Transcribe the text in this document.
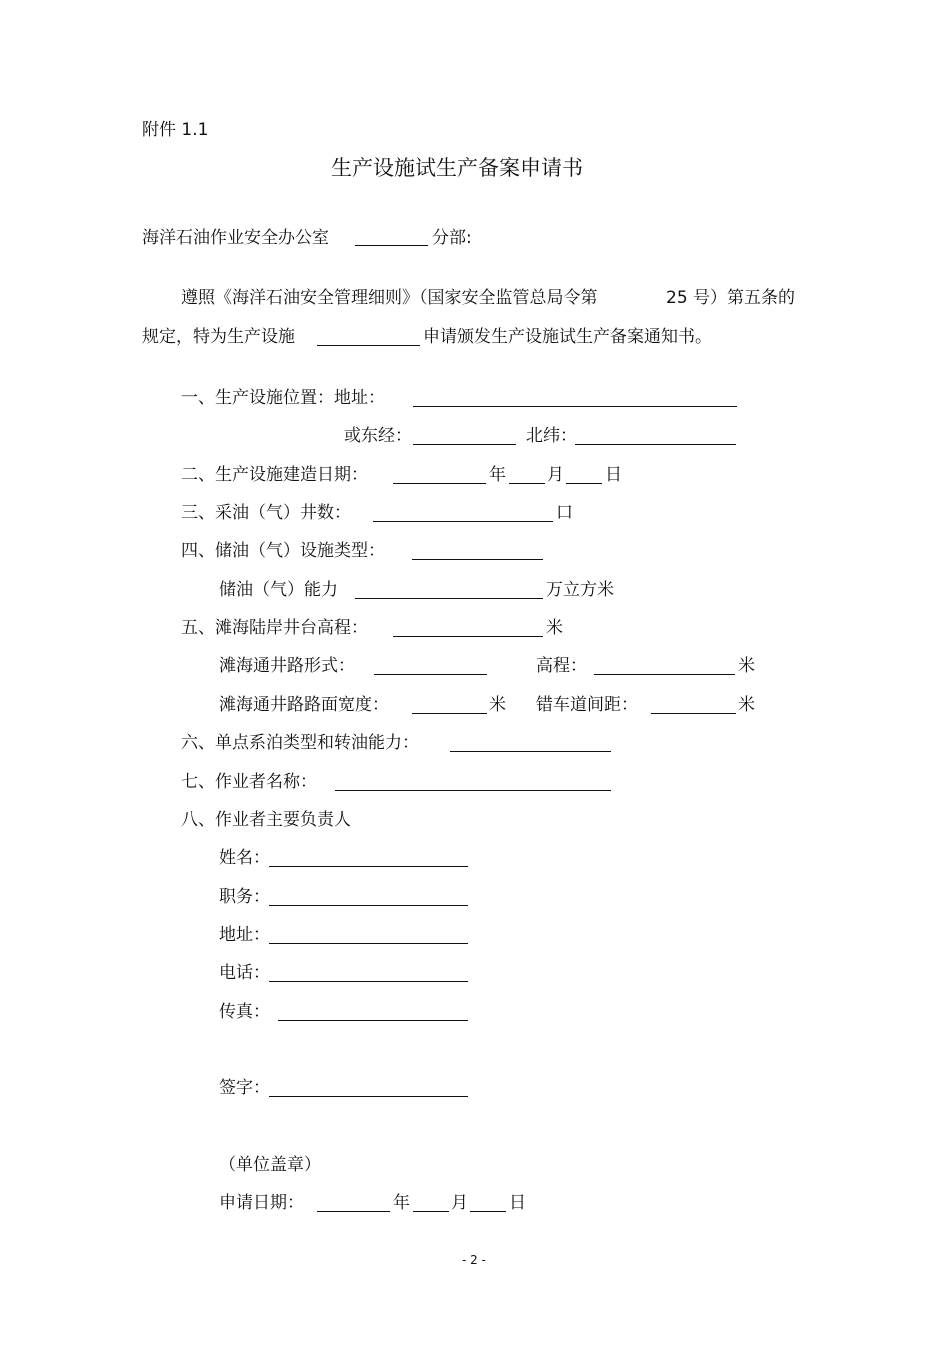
附件 1.1
生产设施试生产备案申请书
海洋石油作业安全办公室	分部:
遵照《海洋石油安全管理细则》（国家安全监管总局令第	25 号）第五条的
规定，特为生产设施	申请颁发生产设施试生产备案通知书。
一、生产设施位置：地址：
或东经：	北纬：
二、生产设施建造日期：	年 月 日
三、采油（气）井数：	口
四、储油（气）设施类型：
储油（气）能力	万立方米
五、滩海陆岸井台高程：	米
滩海通井路形式：	高程：	米
滩海通井路路面宽度：	米 错车道间距：	米
六、单点系泊类型和转油能力：
七、作业者名称：
八、作业者主要负责人
姓名：
职务：
地址：
电话：
传真：
签字：
（单位盖章）
申请日期：	年 月 日
- 2 -
